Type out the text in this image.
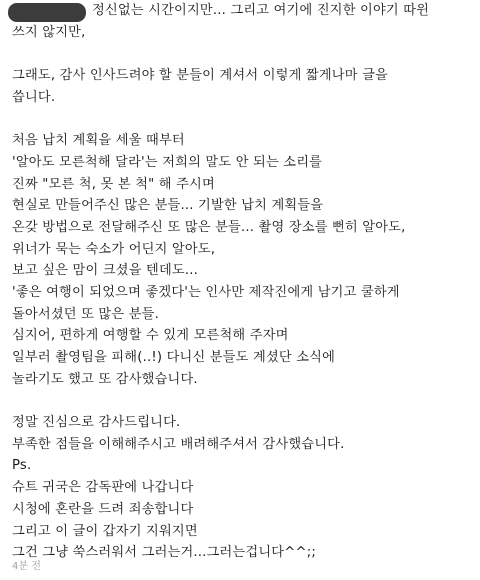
정신없는 시간이지만... 그리고 여기에 진지한 이야기 따윈
쓰지 않지만,
그래도, 감사 인사드려야 할 분들이 계셔서 이렇게 짧게나마 글을
씁니다.
처음 납치 계획을 세울 때부터
'알아도 모른척해 달라'는 저희의 말도 안 되는 소리를
진짜 "모른 척, 못 본 척" 해 주시며
현실로 만들어주신 많은 분들... 기발한 납치 계획들을
온갖 방법으로 전달해주신 또 많은 분들... 촬영 장소를 뻔히 알아도,
위너가 묵는 숙소가 어딘지 알아도,
보고 싶은 맘이 크셨을 텐데도...
'좋은 여행이 되었으며 좋겠다'는 인사만 제작진에게 남기고 쿨하게
돌아서셨던 또 많은 분들.
심지어, 편하게 여행할 수 있게 모른척해 주자며
일부러 촬영팀을 피해(..!) 다니신 분들도 계셨단 소식에
놀라기도 했고 또 감사했습니다.
정말 진심으로 감사드립니다.
부족한 점들을 이해해주시고 배려해주셔서 감사했습니다.
Ps.
슈트 귀국은 감독판에 나갑니다
시청에 혼란을 드려 죄송합니다
그리고 이 글이 갑자기 지워지면
그건 그냥 쑥스러워서 그러는거...그러는겁니다^^;;
4분 전
